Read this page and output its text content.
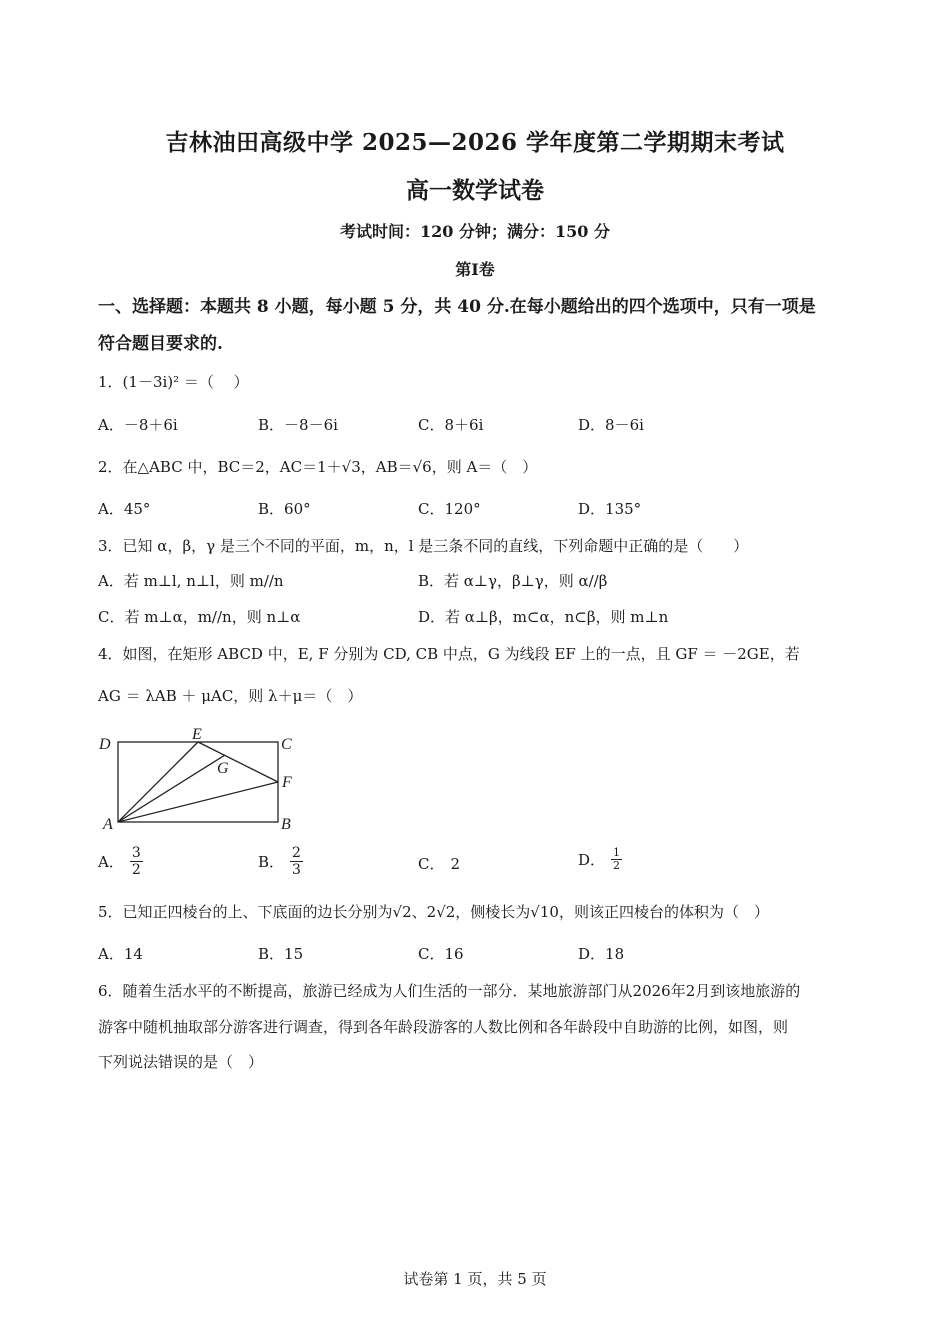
吉林油田高级中学 2025—2026 学年度第二学期期末考试
高一数学试卷
考试时间：120 分钟；满分：150 分
第I卷
一、选择题：本题共 8 小题，每小题 5 分，共 40 分.在每小题给出的四个选项中，只有一项是
符合题目要求的.
1．(1－3i)² ＝（　 ）
A．－8＋6i	B．－8－6i	C．8＋6i	D．8－6i
2．在△ABC 中，BC＝2，AC＝1＋√3，AB＝√6，则 A＝（　）
A．45°	B．60°	C．120°	D．135°
3．已知 α，β，γ 是三个不同的平面，m，n，l 是三条不同的直线，下列命题中正确的是（　　）
A．若 m⊥l, n⊥l，则 m//n	B．若 α⊥γ，β⊥γ，则 α//β
C．若 m⊥α，m//n，则 n⊥α	D．若 α⊥β，m⊂α，n⊂β，则 m⊥n
4．如图，在矩形 ABCD 中，E, F 分别为 CD, CB 中点，G 为线段 EF 上的一点，且 GF ＝ －2GE，若
AG ＝ λAB ＋ μAC，则 λ＋μ＝（　）
D
E
C
G
F
A	B
A． $\frac{3}{2}$	B． $\frac{2}{3}$	C． 2	D． $\frac{1}{2}$
5．已知正四棱台的上、下底面的边长分别为√2、2√2，侧棱长为√10，则该正四棱台的体积为（　）
A．14	B．15	C．16	D．18
6．随着生活水平的不断提高，旅游已经成为人们生活的一部分．某地旅游部门从2026年2月到该地旅游的
游客中随机抽取部分游客进行调查，得到各年龄段游客的人数比例和各年龄段中自助游的比例，如图，则
下列说法错误的是（　）
试卷第 1 页，共 5 页
